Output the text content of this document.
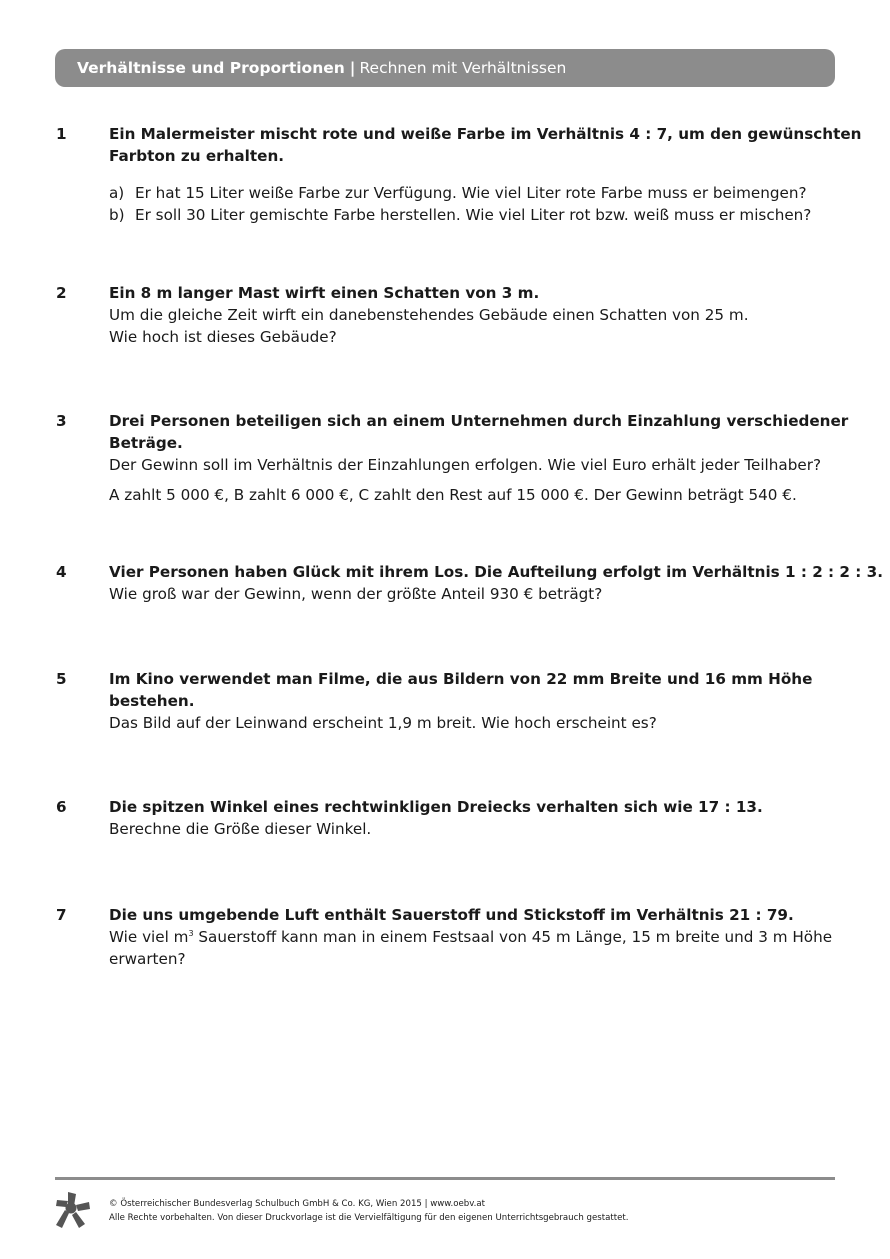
Verhältnisse und Proportionen | Rechnen mit Verhältnissen
1	Ein Malermeister mischt rote und weiße Farbe im Verhältnis 4 : 7, um den gewünschten
Farbton zu erhalten.
a) Er hat 15 Liter weiße Farbe zur Verfügung. Wie viel Liter rote Farbe muss er beimengen?
b) Er soll 30 Liter gemischte Farbe herstellen. Wie viel Liter rot bzw. weiß muss er mischen?
2	Ein 8 m langer Mast wirft einen Schatten von 3 m.
Um die gleiche Zeit wirft ein danebenstehendes Gebäude einen Schatten von 25 m.
Wie hoch ist dieses Gebäude?
3	Drei Personen beteiligen sich an einem Unternehmen durch Einzahlung verschiedener
Beträge.
Der Gewinn soll im Verhältnis der Einzahlungen erfolgen. Wie viel Euro erhält jeder Teilhaber?
A zahlt 5 000 €, B zahlt 6 000 €, C zahlt den Rest auf 15 000 €. Der Gewinn beträgt 540 €.
4	Vier Personen haben Glück mit ihrem Los. Die Aufteilung erfolgt im Verhältnis 1 : 2 : 2 : 3.
Wie groß war der Gewinn, wenn der größte Anteil 930 € beträgt?
5	Im Kino verwendet man Filme, die aus Bildern von 22 mm Breite und 16 mm Höhe
bestehen.
Das Bild auf der Leinwand erscheint 1,9 m breit. Wie hoch erscheint es?
6	Die spitzen Winkel eines rechtwinkligen Dreiecks verhalten sich wie 17 : 13.
Berechne die Größe dieser Winkel.
7	Die uns umgebende Luft enthält Sauerstoff und Stickstoff im Verhältnis 21 : 79.
Wie viel $m^3$ Sauerstoff kann man in einem Festsaal von 45 m Länge, 15 m breite und 3 m Höhe
erwarten?
© Österreichischer Bundesverlag Schulbuch GmbH & Co. KG, Wien 2015 | www.oebv.at
Alle Rechte vorbehalten. Von dieser Druckvorlage ist die Vervielfältigung für den eigenen Unterrichtsgebrauch gestattet.
